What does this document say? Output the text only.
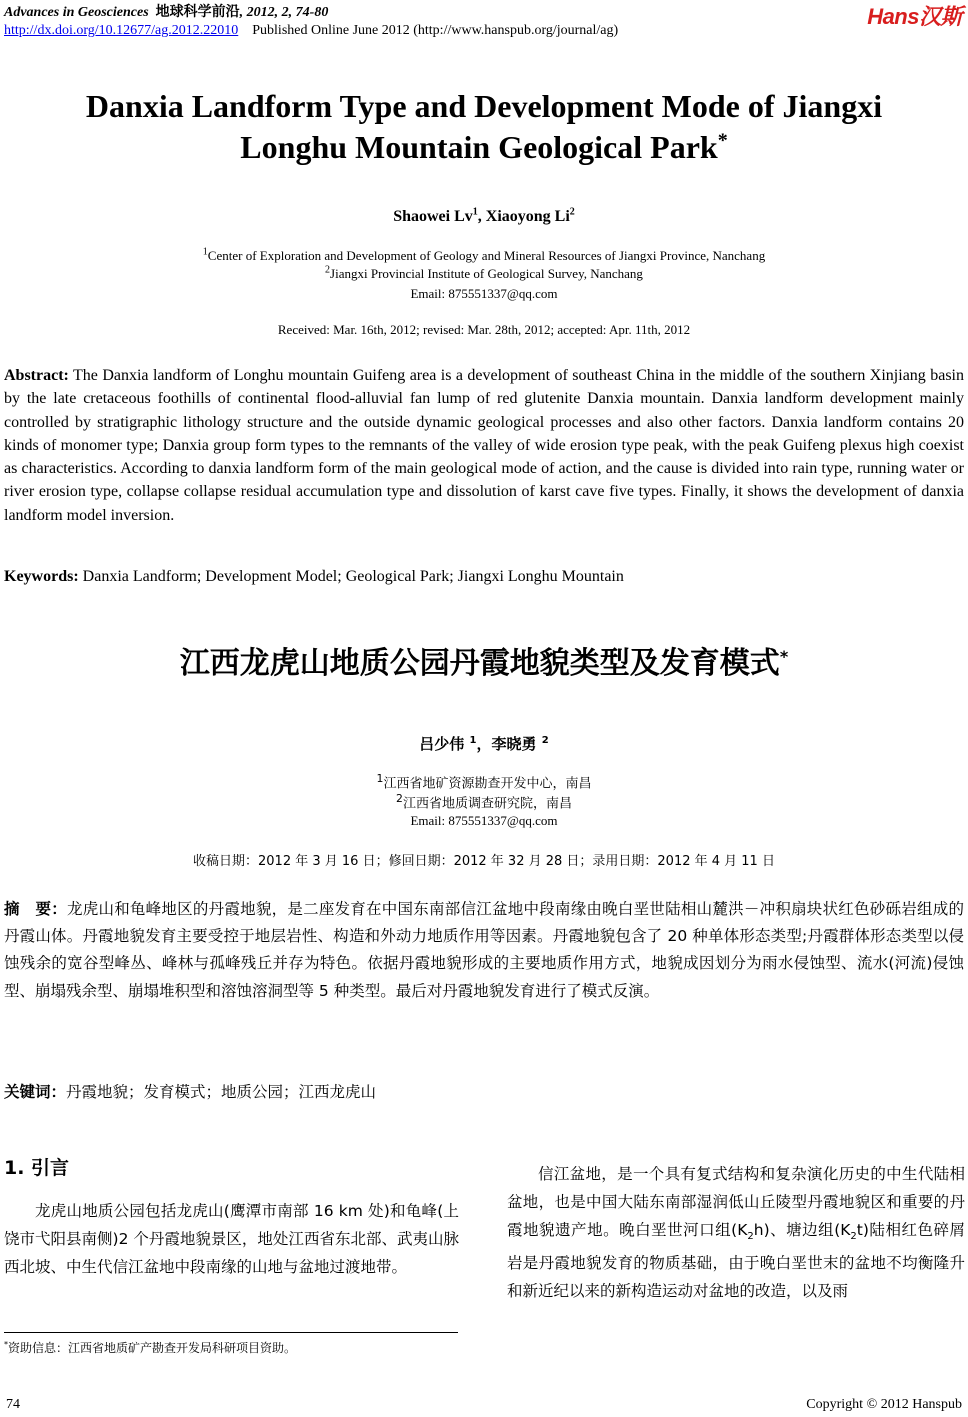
Advances in Geosciences 地球科学前沿, 2012, 2, 74-80
http://dx.doi.org/10.12677/ag.2012.22010 Published Online June 2012 (http://www.hanspub.org/journal/ag)
Hans汉斯
Danxia Landform Type and Development Mode of Jiangxi
Longhu Mountain Geological Park*
Shaowei Lv$^1$, Xiaoyong Li$^2$
$^1$Center of Exploration and Development of Geology and Mineral Resources of Jiangxi Province, Nanchang
$^2$Jiangxi Provincial Institute of Geological Survey, Nanchang
Email: 875551337@qq.com
Received: Mar. 16th, 2012; revised: Mar. 28th, 2012; accepted: Apr. 11th, 2012
Abstract: The Danxia landform of Longhu mountain Guifeng area is a development of southeast China in the middle of the southern Xinjiang basin by the late cretaceous foothills of continental flood-alluvial fan lump of red glutenite Danxia mountain. Danxia landform development mainly controlled by stratigraphic lithology structure and the outside dynamic geological processes and also other factors. Danxia landform contains 20 kinds of monomer type; Danxia group form types to the remnants of the valley of wide erosion type peak, with the peak Guifeng plexus high coexist as characteristics. According to danxia landform form of the main geological mode of action, and the cause is divided into rain type, running water or river erosion type, collapse collapse residual accumulation type and dissolution of karst cave five types. Finally, it shows the development of danxia landform model inversion.
Keywords: Danxia Landform; Development Model; Geological Park; Jiangxi Longhu Mountain
江西龙虎山地质公园丹霞地貌类型及发育模式*
吕少伟 $^1$，李晓勇 $^2$
$^1$江西省地矿资源勘查开发中心，南昌
$^2$江西省地质调查研究院，南昌
Email: 875551337@qq.com
收稿日期：2012 年 3 月 16 日；修回日期：2012 年 32 月 28 日；录用日期：2012 年 4 月 11 日
摘　要：龙虎山和龟峰地区的丹霞地貌，是二座发育在中国东南部信江盆地中段南缘由晚白垩世陆相山麓洪－冲积扇块状红色砂砾岩组成的丹霞山体。丹霞地貌发育主要受控于地层岩性、构造和外动力地质作用等因素。丹霞地貌包含了 20 种单体形态类型;丹霞群体形态类型以侵蚀残余的宽谷型峰丛、峰林与孤峰残丘并存为特色。依据丹霞地貌形成的主要地质作用方式，地貌成因划分为雨水侵蚀型、流水(河流)侵蚀型、崩塌残余型、崩塌堆积型和溶蚀溶洞型等 5 种类型。最后对丹霞地貌发育进行了模式反演。
关键词：丹霞地貌；发育模式；地质公园；江西龙虎山
1. 引言
龙虎山地质公园包括龙虎山(鹰潭市南部 16 km 处)和龟峰(上饶市弋阳县南侧)2 个丹霞地貌景区，地处江西省东北部、武夷山脉西北坡、中生代信江盆地中段南缘的山地与盆地过渡地带。
信江盆地，是一个具有复式结构和复杂演化历史的中生代陆相盆地，也是中国大陆东南部湿润低山丘陵型丹霞地貌区和重要的丹霞地貌遗产地。晚白垩世河口组$(K_2h)$、塘边组$(K_2t)$陆相红色碎屑岩是丹霞地貌发育的物质基础，由于晚白垩世末的盆地不均衡隆升和新近纪以来的新构造运动对盆地的改造，以及雨
*资助信息：江西省地质矿产勘查开发局科研项目资助。
74	Copyright © 2012 Hanspub
